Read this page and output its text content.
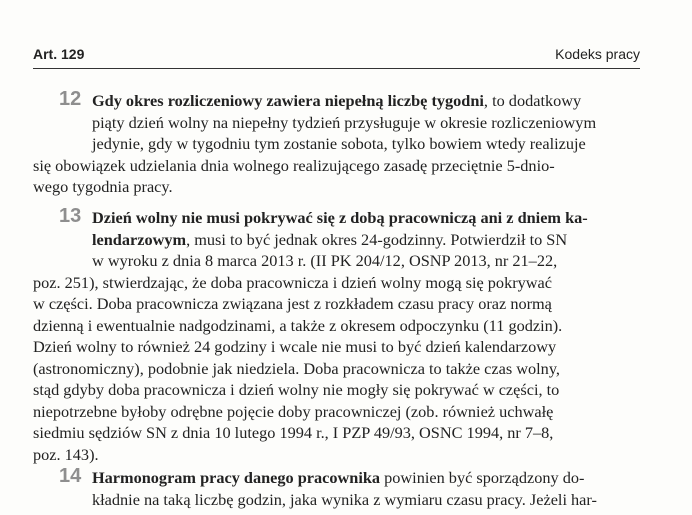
Art. 129	Kodeks pracy
12 Gdy okres rozliczeniowy zawiera niepełną liczbę tygodni, to dodatkowy
piąty dzień wolny na niepełny tydzień przysługuje w okresie rozliczeniowym
jedynie, gdy w tygodniu tym zostanie sobota, tylko bowiem wtedy realizuje
się obowiązek udzielania dnia wolnego realizującego zasadę przeciętnie 5-dnio-
wego tygodnia pracy.
13 Dzień wolny nie musi pokrywać się z dobą pracowniczą ani z dniem ka-
lendarzowym, musi to być jednak okres 24-godzinny. Potwierdził to SN
w wyroku z dnia 8 marca 2013 r. (II PK 204/12, OSNP 2013, nr 21–22,
poz. 251), stwierdzając, że doba pracownicza i dzień wolny mogą się pokrywać
w części. Doba pracownicza związana jest z rozkładem czasu pracy oraz normą
dzienną i ewentualnie nadgodzinami, a także z okresem odpoczynku (11 godzin).
Dzień wolny to również 24 godziny i wcale nie musi to być dzień kalendarzowy
(astronomiczny), podobnie jak niedziela. Doba pracownicza to także czas wolny,
stąd gdyby doba pracownicza i dzień wolny nie mogły się pokrywać w części, to
niepotrzebne byłoby odrębne pojęcie doby pracowniczej (zob. również uchwałę
siedmiu sędziów SN z dnia 10 lutego 1994 r., I PZP 49/93, OSNC 1994, nr 7–8,
poz. 143).
14 Harmonogram pracy danego pracownika powinien być sporządzony do-
kładnie na taką liczbę godzin, jaka wynika z wymiaru czasu pracy. Jeżeli har-
